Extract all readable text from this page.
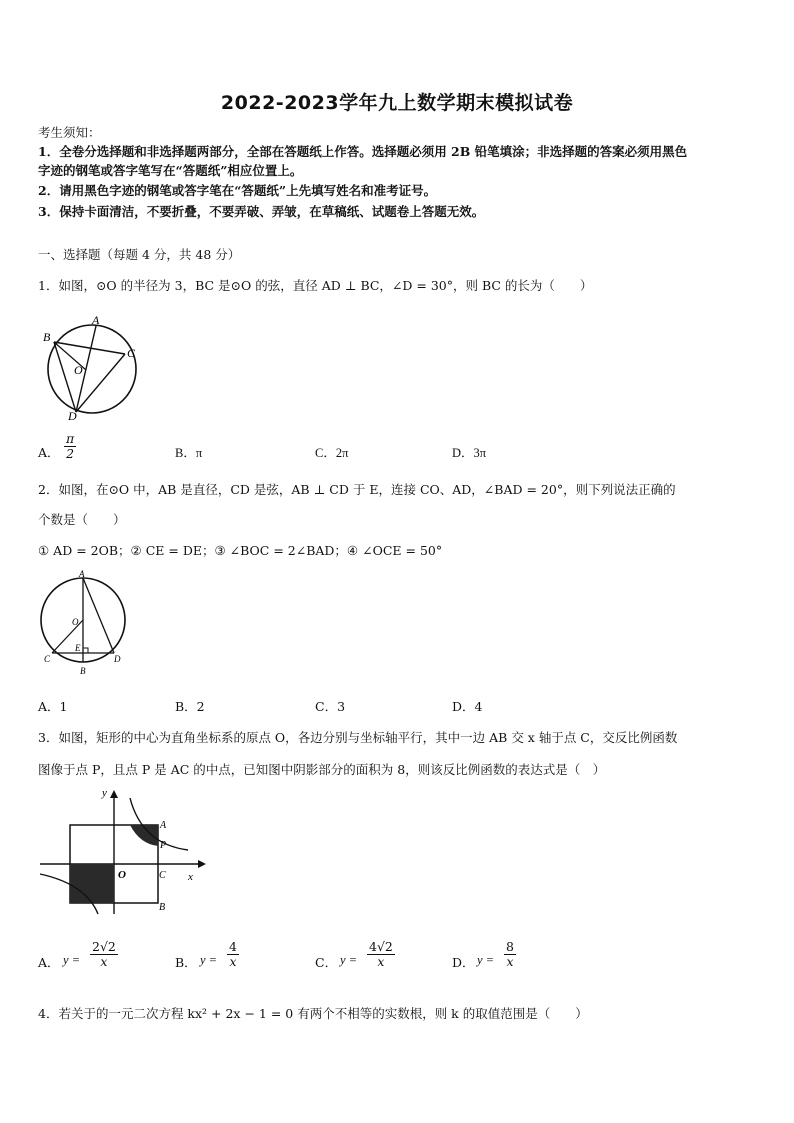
2022-2023学年九上数学期末模拟试卷
考生须知：
1．全卷分选择题和非选择题两部分，全部在答题纸上作答。选择题必须用 2B 铅笔填涂；非选择题的答案必须用黑色
字迹的钢笔或答字笔写在“答题纸”相应位置上。
2．请用黑色字迹的钢笔或答字笔在“答题纸”上先填写姓名和准考证号。
3．保持卡面清洁，不要折叠，不要弄破、弄皱，在草稿纸、试题卷上答题无效。
一、选择题（每题 4 分，共 48 分）
1．如图，⊙O 的半径为 3，BC 是⊙O 的弦，直径 AD ⊥ BC，∠D = 30°，则 BC 的长为（　　）
A
B
C
O
D
A． $\frac{\pi}{2}$	B．π	C．2π	D．3π
2．如图，在⊙O 中，AB 是直径，CD 是弦，AB ⊥ CD 于 E，连接 CO、AD，∠BAD = 20°，则下列说法正确的
个数是（　　）
① AD = 2OB；② CE = DE；③ ∠BOC = 2∠BAD；④ ∠OCE = 50°
A
O
E
C	D
B
A．1	B．2	C．3	D．4
3．如图，矩形的中心为直角坐标系的原点 O，各边分别与坐标轴平行，其中一边 AB 交 x 轴于点 C，交反比例函数
图像于点 P，且点 P 是 AC 的中点，已知图中阴影部分的面积为 8，则该反比例函数的表达式是（　）
y
A
P
O	C x
B
A． $y = \frac{2√2}{x}$	B． $y = \frac{4}{x}$	C． $y = \frac{4√2}{x}$	D． $y = \frac{8}{x}$
4．若关于的一元二次方程 kx² + 2x − 1 = 0 有两个不相等的实数根，则 k 的取值范围是（　　）
